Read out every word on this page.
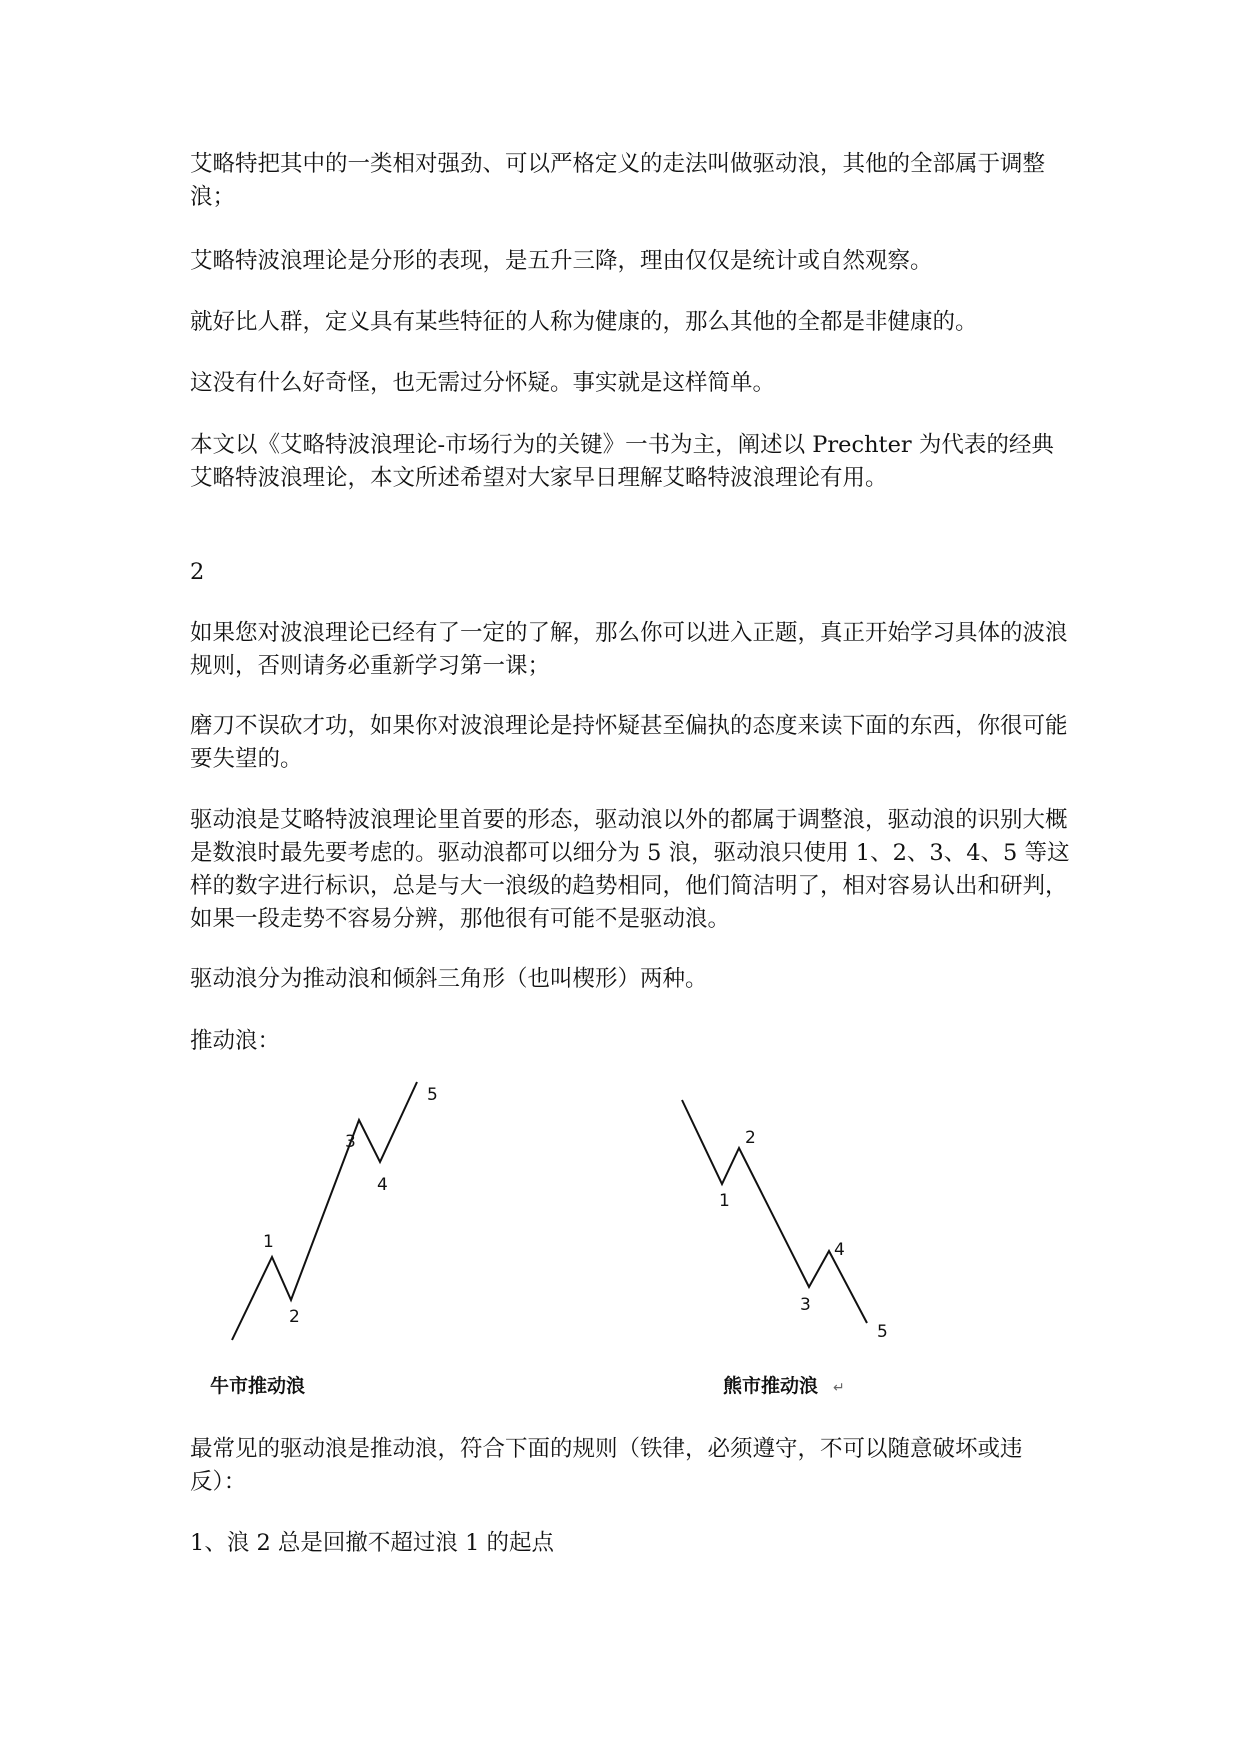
艾略特把其中的一类相对强劲、可以严格定义的走法叫做驱动浪，其他的全部属于调整浪；

艾略特波浪理论是分形的表现，是五升三降，理由仅仅是统计或自然观察。

就好比人群，定义具有某些特征的人称为健康的，那么其他的全都是非健康的。

这没有什么好奇怪，也无需过分怀疑。事实就是这样简单。

本文以《艾略特波浪理论-市场行为的关键》一书为主，阐述以 Prechter 为代表的经典艾略特波浪理论，本文所述希望对大家早日理解艾略特波浪理论有用。

2

如果您对波浪理论已经有了一定的了解，那么你可以进入正题，真正开始学习具体的波浪规则，否则请务必重新学习第一课；

磨刀不误砍才功，如果你对波浪理论是持怀疑甚至偏执的态度来读下面的东西，你很可能要失望的。

驱动浪是艾略特波浪理论里首要的形态，驱动浪以外的都属于调整浪，驱动浪的识别大概是数浪时最先要考虑的。驱动浪都可以细分为 5 浪，驱动浪只使用 1、2、3、4、5 等这样的数字进行标识，总是与大一浪级的趋势相同，他们简洁明了，相对容易认出和研判，如果一段走势不容易分辨，那他很有可能不是驱动浪。

驱动浪分为推动浪和倾斜三角形（也叫楔形）两种。

推动浪：

1
2
3
4
5
牛市推动浪
1
2
3
4
5
熊市推动浪 ↵

最常见的驱动浪是推动浪，符合下面的规则（铁律，必须遵守，不可以随意破坏或违反）：

1、浪 2 总是回撤不超过浪 1 的起点
